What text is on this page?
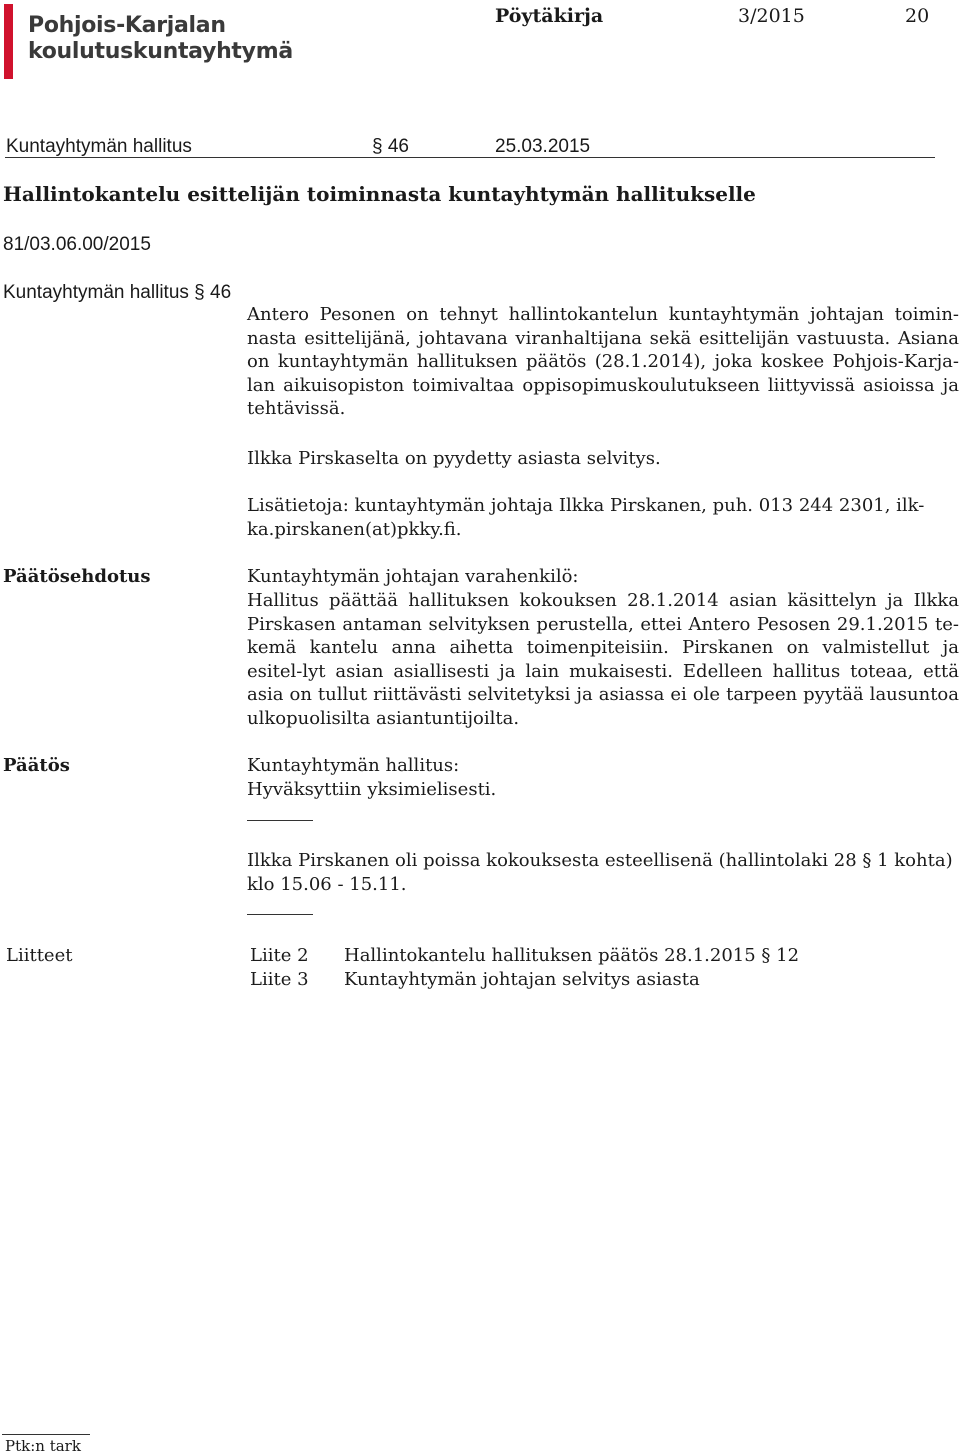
Pohjois-Karjalan
koulutuskuntayhtymä
Pöytäkirja	3/2015	20
Kuntayhtymän hallitus	§ 46	25.03.2015
Hallintokantelu esittelijän toiminnasta kuntayhtymän hallitukselle
81/03.06.00/2015
Kuntayhtymän hallitus § 46
Antero Pesonen on tehnyt hallintokantelun kuntayhtymän johtajan toimin-nasta esittelijänä, johtavana viranhaltijana sekä esittelijän vastuusta. Asiana on kuntayhtymän hallituksen päätös (28.1.2014), joka koskee Pohjois-Karja-lan aikuisopiston toimivaltaa oppisopimuskoulutukseen liittyvissä asioissa ja tehtävissä.
Ilkka Pirskaselta on pyydetty asiasta selvitys.
Lisätietoja: kuntayhtymän johtaja Ilkka Pirskanen, puh. 013 244 2301, ilk-ka.pirskanen(at)pkky.fi.
Päätösehdotus	Kuntayhtymän johtajan varahenkilö:
Hallitus päättää hallituksen kokouksen 28.1.2014 asian käsittelyn ja Ilkka Pirskasen antaman selvityksen perustella, ettei Antero Pesosen 29.1.2015 te-kemä kantelu anna aihetta toimenpiteisiin. Pirskanen on valmistellut ja esitel-lyt asian asiallisesti ja lain mukaisesti. Edelleen hallitus toteaa, että asia on tullut riittävästi selvitetyksi ja asiassa ei ole tarpeen pyytää lausuntoa ulkopuolisilta asiantuntijoilta.
Päätös	Kuntayhtymän hallitus:
Hyväksyttiin yksimielisesti.
Ilkka Pirskanen oli poissa kokouksesta esteellisenä (hallintolaki 28 § 1 kohta) klo 15.06 - 15.11.
Liitteet	Liite 2 Hallintokantelu hallituksen päätös 28.1.2015 § 12
Liite 3 Kuntayhtymän johtajan selvitys asiasta
Ptk:n tark
